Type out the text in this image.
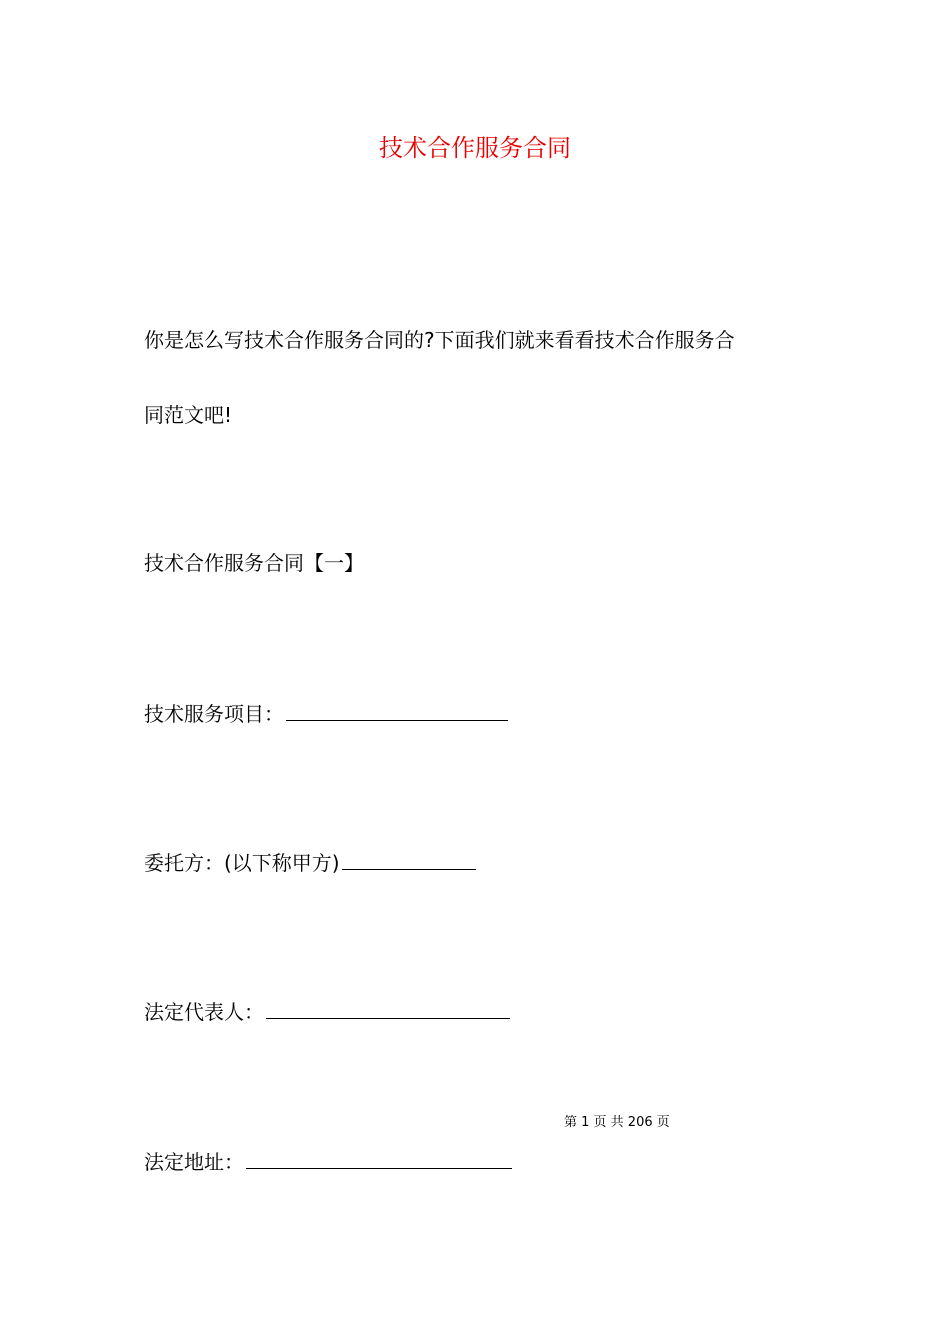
技术合作服务合同
你是怎么写技术合作服务合同的?下面我们就来看看技术合作服务合
同范文吧!
技术合作服务合同【一】
技术服务项目：
委托方：(以下称甲方)
法定代表人：
第 1 页 共 206 页
法定地址：
